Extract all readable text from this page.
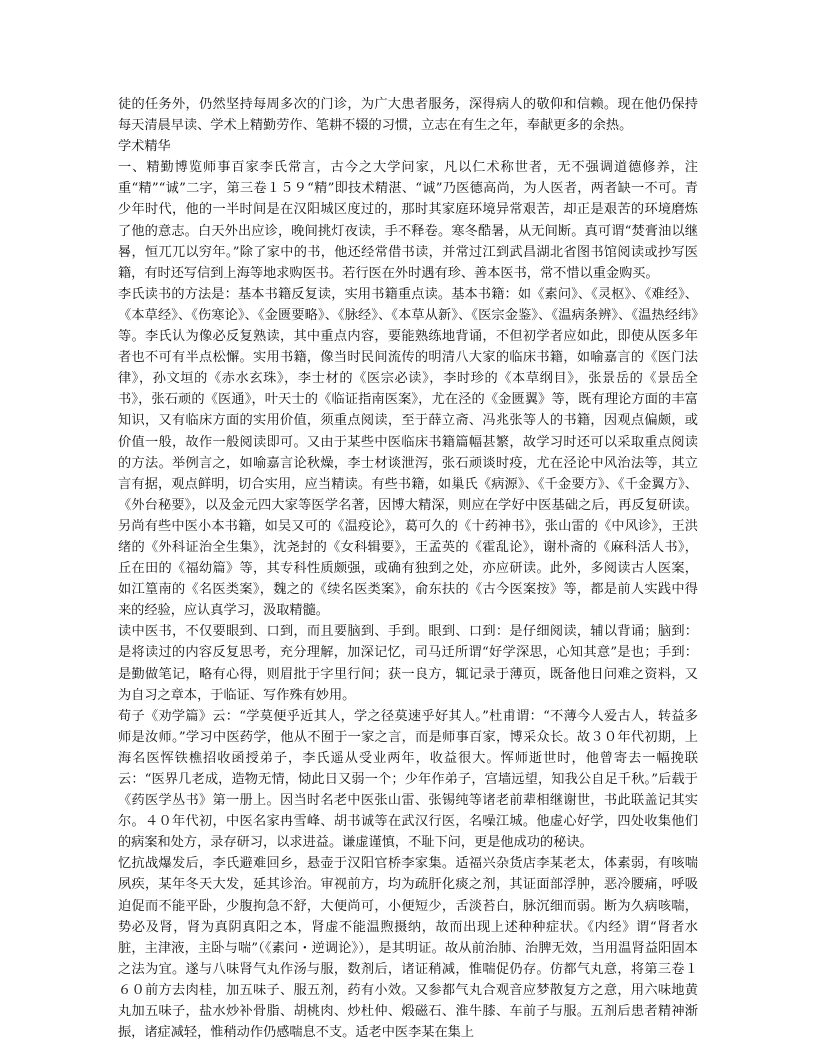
徒的任务外，仍然坚持每周多次的门诊，为广大患者服务，深得病人的敬仰和信赖。现在他仍保持每天清晨早读、学术上精勤劳作、笔耕不辍的习惯，立志在有生之年，奉献更多的余热。

学术精华

一、精勤博览师事百家李氏常言，古今之大学问家，凡以仁术称世者，无不强调道德修养，注重“精”“诚”二字，第三卷１５９“精”即技术精湛、“诚”乃医德高尚，为人医者，两者缺一不可。青少年时代，他的一半时间是在汉阳城区度过的，那时其家庭环境异常艰苦，却正是艰苦的环境磨炼了他的意志。白天外出应诊，晚间挑灯夜读，手不释卷。寒冬酷暑，从无间断。真可谓“焚膏油以继晷，恒兀兀以穷年。”除了家中的书，他还经常借书读，并常过江到武昌湖北省图书馆阅读或抄写医籍，有时还写信到上海等地求购医书。若行医在外时遇有珍、善本医书，常不惜以重金购买。

李氏读书的方法是：基本书籍反复读，实用书籍重点读。基本书籍：如《素问》、《灵枢》、《难经》、《本草经》、《伤寒论》、《金匮要略》、《脉经》、《本草从新》、《医宗金鉴》、《温病条辨》、《温热经纬》等。李氏认为像必反复熟读，其中重点内容，要能熟练地背诵，不但初学者应如此，即使从医多年者也不可有半点松懈。实用书籍，像当时民间流传的明清八大家的临床书籍，如喻嘉言的《医门法律》，孙文垣的《赤水玄珠》，李士材的《医宗必读》，李时珍的《本草纲目》，张景岳的《景岳全书》，张石顽的《医通》，叶天士的《临证指南医案》，尤在泾的《金匮翼》等，既有理论方面的丰富知识，又有临床方面的实用价值，须重点阅读，至于薛立斋、冯兆张等人的书籍，因观点偏颇，或价值一般，故作一般阅读即可。又由于某些中医临床书籍篇幅甚繁，故学习时还可以采取重点阅读的方法。举例言之，如喻嘉言论秋燥，李士材谈泄泻，张石顽谈时疫，尤在泾论中风治法等，其立言有据，观点鲜明，切合实用，应当精读。有些书籍，如巢氏《病源》、《千金要方》、《千金翼方》、《外台秘要》，以及金元四大家等医学名著，因博大精深，则应在学好中医基础之后，再反复研读。另尚有些中医小本书籍，如吴又可的《温疫论》，葛可久的《十药神书》，张山雷的《中风诊》，王洪绪的《外科证治全生集》，沈尧封的《女科辑要》，王孟英的《霍乱论》，谢朴斋的《麻科活人书》，丘在田的《福幼篇》等，其专科性质颇强，或确有独到之处，亦应研读。此外，多阅读古人医案，如江篁南的《名医类案》，魏之的《续名医类案》，俞东扶的《古今医案按》等，都是前人实践中得来的经验，应认真学习，汲取精髓。

读中医书，不仅要眼到、口到，而且要脑到、手到。眼到、口到：是仔细阅读，辅以背诵；脑到：是将读过的内容反复思考，充分理解，加深记忆，司马迁所谓“好学深思，心知其意”是也；手到：是勤做笔记，略有心得，则眉批于字里行间；获一良方，辄记录于薄页，既备他日问难之资料，又为自习之章本，于临证、写作殊有妙用。

荀子《劝学篇》云：“学莫便乎近其人，学之径莫速乎好其人。”杜甫谓：“不薄今人爱古人，转益多师是汝师。”学习中医药学，他从不囿于一家之言，而是师事百家，博采众长。故３０年代初期，上海名医恽铁樵招收函授弟子，李氏遥从受业两年，收益很大。恽师逝世时，他曾寄去一幅挽联云：“医界几老成，造物无情，恸此日又弱一个；少年作弟子，宫墙远望，知我公自足千秋。”后载于《药医学丛书》第一册上。因当时名老中医张山雷、张锡纯等诸老前辈相继谢世，书此联盖记其实尔。４０年代初，中医名家冉雪峰、胡书诚等在武汉行医，名噪江城。他虚心好学，四处收集他们的病案和处方，录存研习，以求进益。谦虚谨慎，不耻下问，更是他成功的秘诀。

忆抗战爆发后，李氏避难回乡，悬壶于汉阳官桥李家集。适福兴杂货店李某老太，体素弱，有咳喘夙疾，某年冬天大发，延其诊治。审视前方，均为疏肝化痰之剂，其证面部浮肿，恶冷腰痛，呼吸迫促而不能平卧，少腹拘急不舒，大便尚可，小便短少，舌淡苔白，脉沉细而弱。断为久病咳喘，势必及肾，肾为真阴真阳之本，肾虚不能温煦摄纳，故而出现上述种种症状。《内经》谓“肾者水脏，主津液，主卧与喘”（《素问・逆调论》），是其明证。故从前治肺、治脾无效，当用温肾益阳固本之法为宜。遂与八味肾气丸作汤与服，数剂后，诸证稍减，惟喘促仍存。仿都气丸意，将第三卷１６０前方去肉桂，加五味子、服五剂，药有小效。又参都气丸合观音应梦散复方之意，用六味地黄丸加五味子，盐水炒补骨脂、胡桃肉、炒杜仲、煅磁石、淮牛膝、车前子与服。五剂后患者精神渐振，诸症减轻，惟稍动作仍感喘息不支。适老中医李某在集上
